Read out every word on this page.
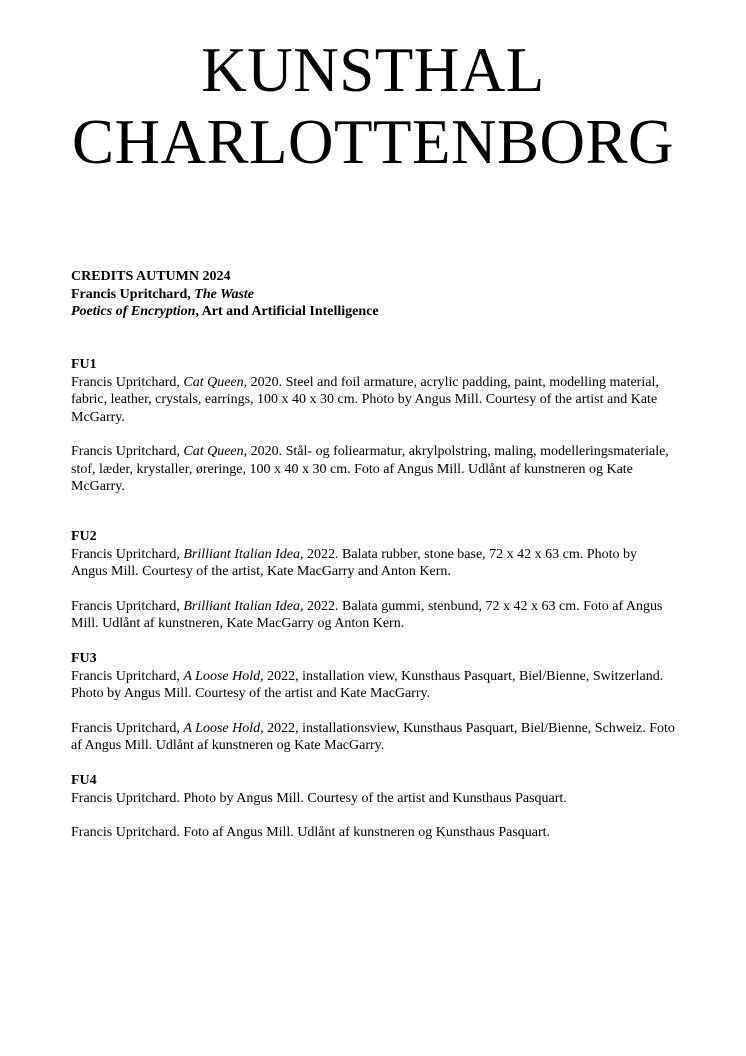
KUNSTHAL
CHARLOTTENBORG
CREDITS AUTUMN 2024
Francis Upritchard, The Waste
Poetics of Encryption, Art and Artificial Intelligence
FU1

Francis Upritchard, Cat Queen, 2020. Steel and foil armature, acrylic padding, paint, modelling material, fabric, leather, crystals, earrings, 100 x 40 x 30 cm. Photo by Angus Mill. Courtesy of the artist and Kate McGarry.

Francis Upritchard, Cat Queen, 2020. Stål- og foliearmatur, akrylpolstring, maling, modelleringsmateriale, stof, læder, krystaller, øreringe, 100 x 40 x 30 cm. Foto af Angus Mill. Udlånt af kunstneren og Kate McGarry.

FU2

Francis Upritchard, Brilliant Italian Idea, 2022. Balata rubber, stone base, 72 x 42 x 63 cm. Photo by Angus Mill. Courtesy of the artist, Kate MacGarry and Anton Kern.

Francis Upritchard, Brilliant Italian Idea, 2022. Balata gummi, stenbund, 72 x 42 x 63 cm. Foto af Angus Mill. Udlånt af kunstneren, Kate MacGarry og Anton Kern.

FU3

Francis Upritchard, A Loose Hold, 2022, installation view, Kunsthaus Pasquart, Biel/Bienne, Switzerland. Photo by Angus Mill. Courtesy of the artist and Kate MacGarry.

Francis Upritchard, A Loose Hold, 2022, installationsview, Kunsthaus Pasquart, Biel/Bienne, Schweiz. Foto af Angus Mill. Udlånt af kunstneren og Kate MacGarry.

FU4

Francis Upritchard. Photo by Angus Mill. Courtesy of the artist and Kunsthaus Pasquart.

Francis Upritchard. Foto af Angus Mill. Udlånt af kunstneren og Kunsthaus Pasquart.
